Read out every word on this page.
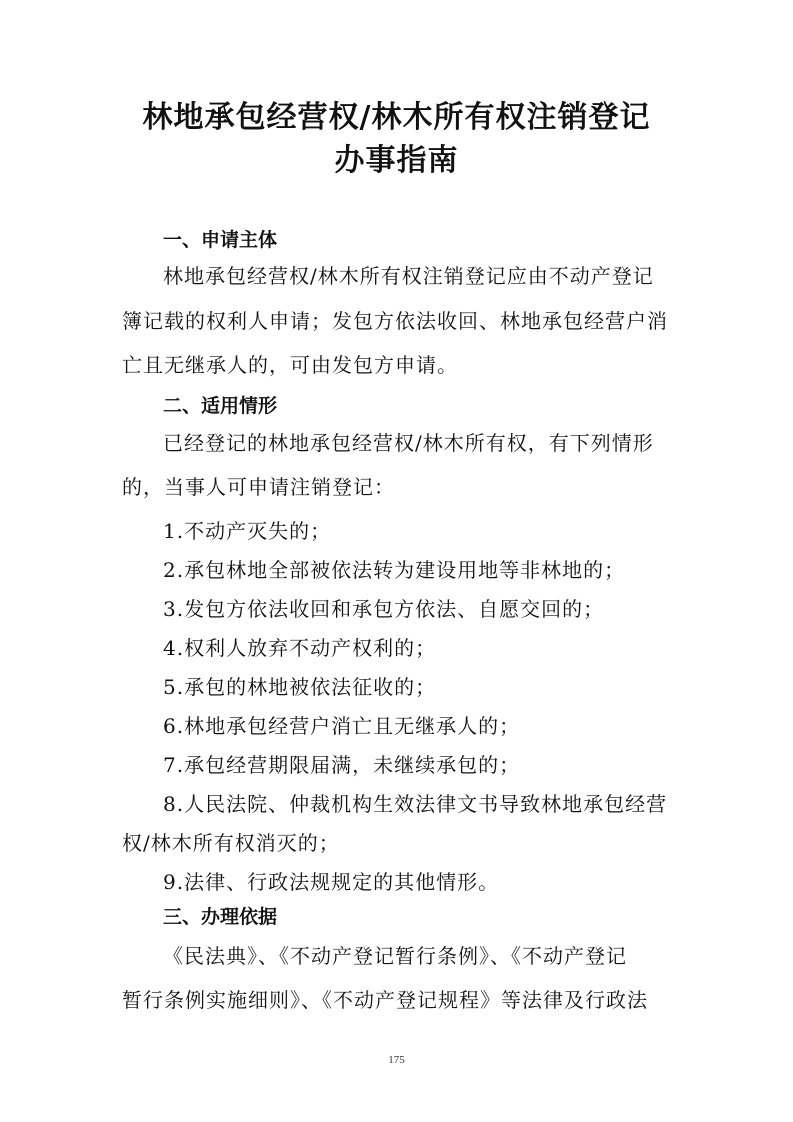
林地承包经营权/林木所有权注销登记
办事指南
一、申请主体
林地承包经营权/林木所有权注销登记应由不动产登记
簿记载的权利人申请；发包方依法收回、林地承包经营户消
亡且无继承人的，可由发包方申请。
二、适用情形
已经登记的林地承包经营权/林木所有权，有下列情形
的，当事人可申请注销登记：
1.不动产灭失的；
2.承包林地全部被依法转为建设用地等非林地的；
3.发包方依法收回和承包方依法、自愿交回的；
4.权利人放弃不动产权利的；
5.承包的林地被依法征收的；
6.林地承包经营户消亡且无继承人的；
7.承包经营期限届满，未继续承包的；
8.人民法院、仲裁机构生效法律文书导致林地承包经营
权/林木所有权消灭的；
9.法律、行政法规规定的其他情形。
三、办理依据
《民法典》、《不动产登记暂行条例》、《不动产登记
暂行条例实施细则》、《不动产登记规程》等法律及行政法
175
